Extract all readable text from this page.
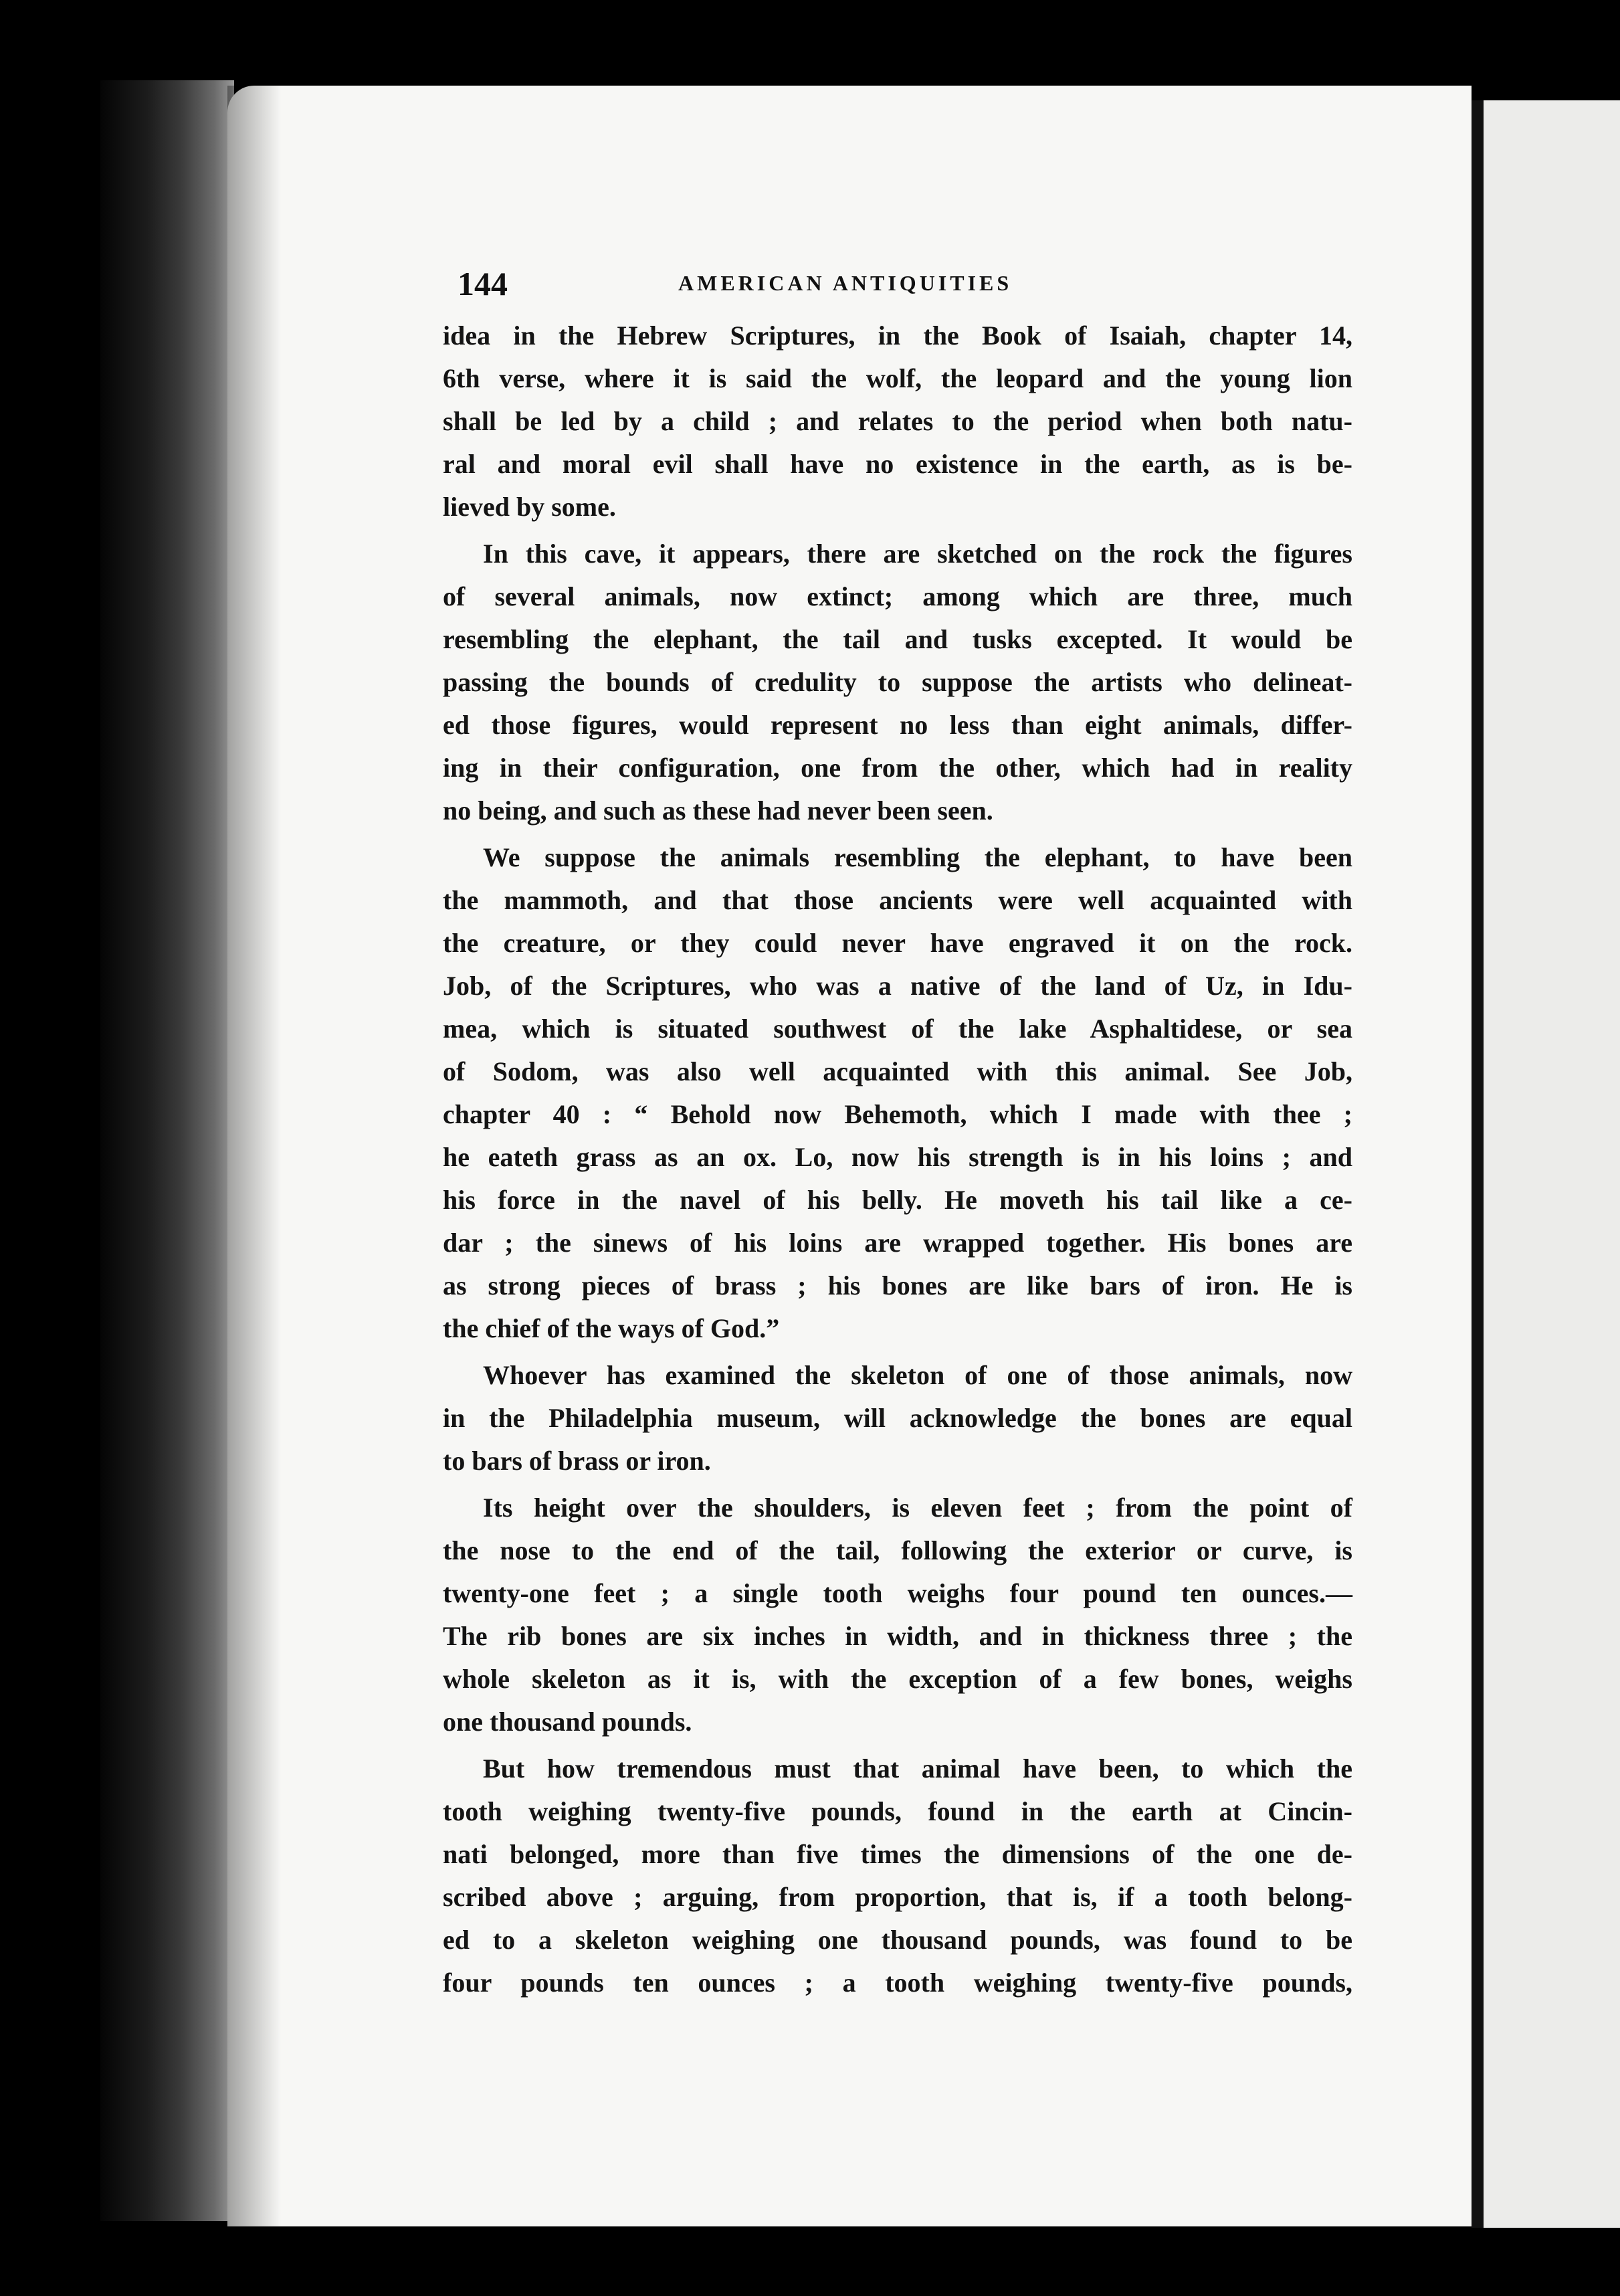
144	AMERICAN ANTIQUITIES
idea in the Hebrew Scriptures, in the Book of Isaiah, chapter 14,
6th verse, where it is said the wolf, the leopard and the young lion
shall be led by a child ; and relates to the period when both natu-
ral and moral evil shall have no existence in the earth, as is be-
lieved by some.
In this cave, it appears, there are sketched on the rock the figures
of several animals, now extinct; among which are three, much
resembling the elephant, the tail and tusks excepted. It would be
passing the bounds of credulity to suppose the artists who delineat-
ed those figures, would represent no less than eight animals, differ-
ing in their configuration, one from the other, which had in reality
no being, and such as these had never been seen.
We suppose the animals resembling the elephant, to have been
the mammoth, and that those ancients were well acquainted with
the creature, or they could never have engraved it on the rock.
Job, of the Scriptures, who was a native of the land of Uz, in Idu-
mea, which is situated southwest of the lake Asphaltidese, or sea
of Sodom, was also well acquainted with this animal. See Job,
chapter 40 : “ Behold now Behemoth, which I made with thee ;
he eateth grass as an ox. Lo, now his strength is in his loins ; and
his force in the navel of his belly. He moveth his tail like a ce-
dar ; the sinews of his loins are wrapped together. His bones are
as strong pieces of brass ; his bones are like bars of iron. He is
the chief of the ways of God.”
Whoever has examined the skeleton of one of those animals, now
in the Philadelphia museum, will acknowledge the bones are equal
to bars of brass or iron.
Its height over the shoulders, is eleven feet ; from the point of
the nose to the end of the tail, following the exterior or curve, is
twenty-one feet ; a single tooth weighs four pound ten ounces.—
The rib bones are six inches in width, and in thickness three ; the
whole skeleton as it is, with the exception of a few bones, weighs
one thousand pounds.
But how tremendous must that animal have been, to which the
tooth weighing twenty-five pounds, found in the earth at Cincin-
nati belonged, more than five times the dimensions of the one de-
scribed above ; arguing, from proportion, that is, if a tooth belong-
ed to a skeleton weighing one thousand pounds, was found to be
four pounds ten ounces ; a tooth weighing twenty-five pounds,
